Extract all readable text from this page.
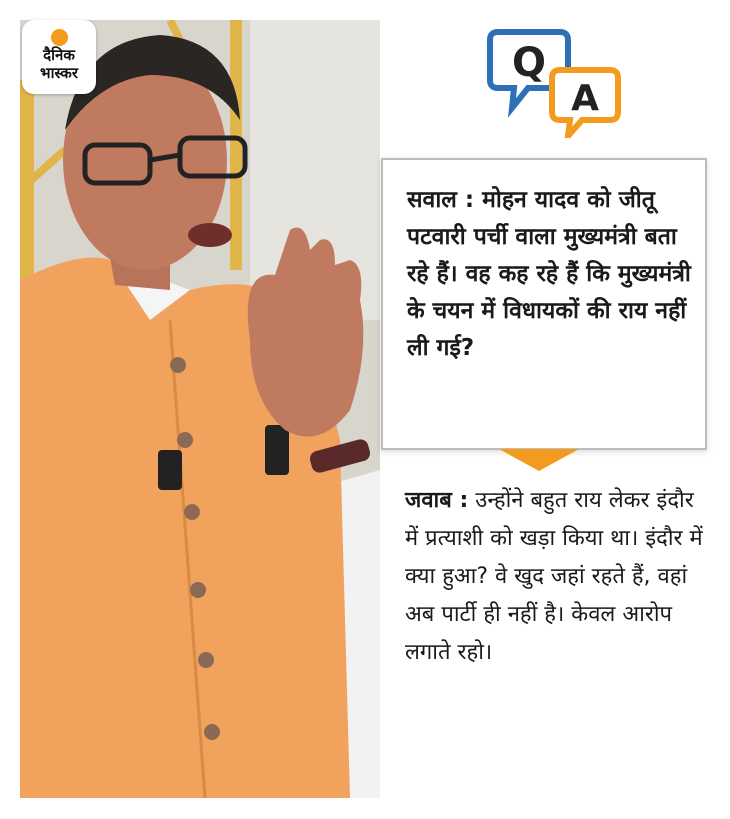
दैनिक
भास्कर	Q
A
सवाल : मोहन यादव को जीतू पटवारी पर्ची वाला मुख्यमंत्री बता रहे हैं। वह कह रहे हैं कि मुख्यमंत्री के चयन में विधायकों की राय नहीं ली गई?
जवाब : उन्होंने बहुत राय लेकर इंदौर में प्रत्याशी को खड़ा किया था। इंदौर में क्या हुआ? वे खुद जहां रहते हैं, वहां अब पार्टी ही नहीं है। केवल आरोप लगाते रहो।
